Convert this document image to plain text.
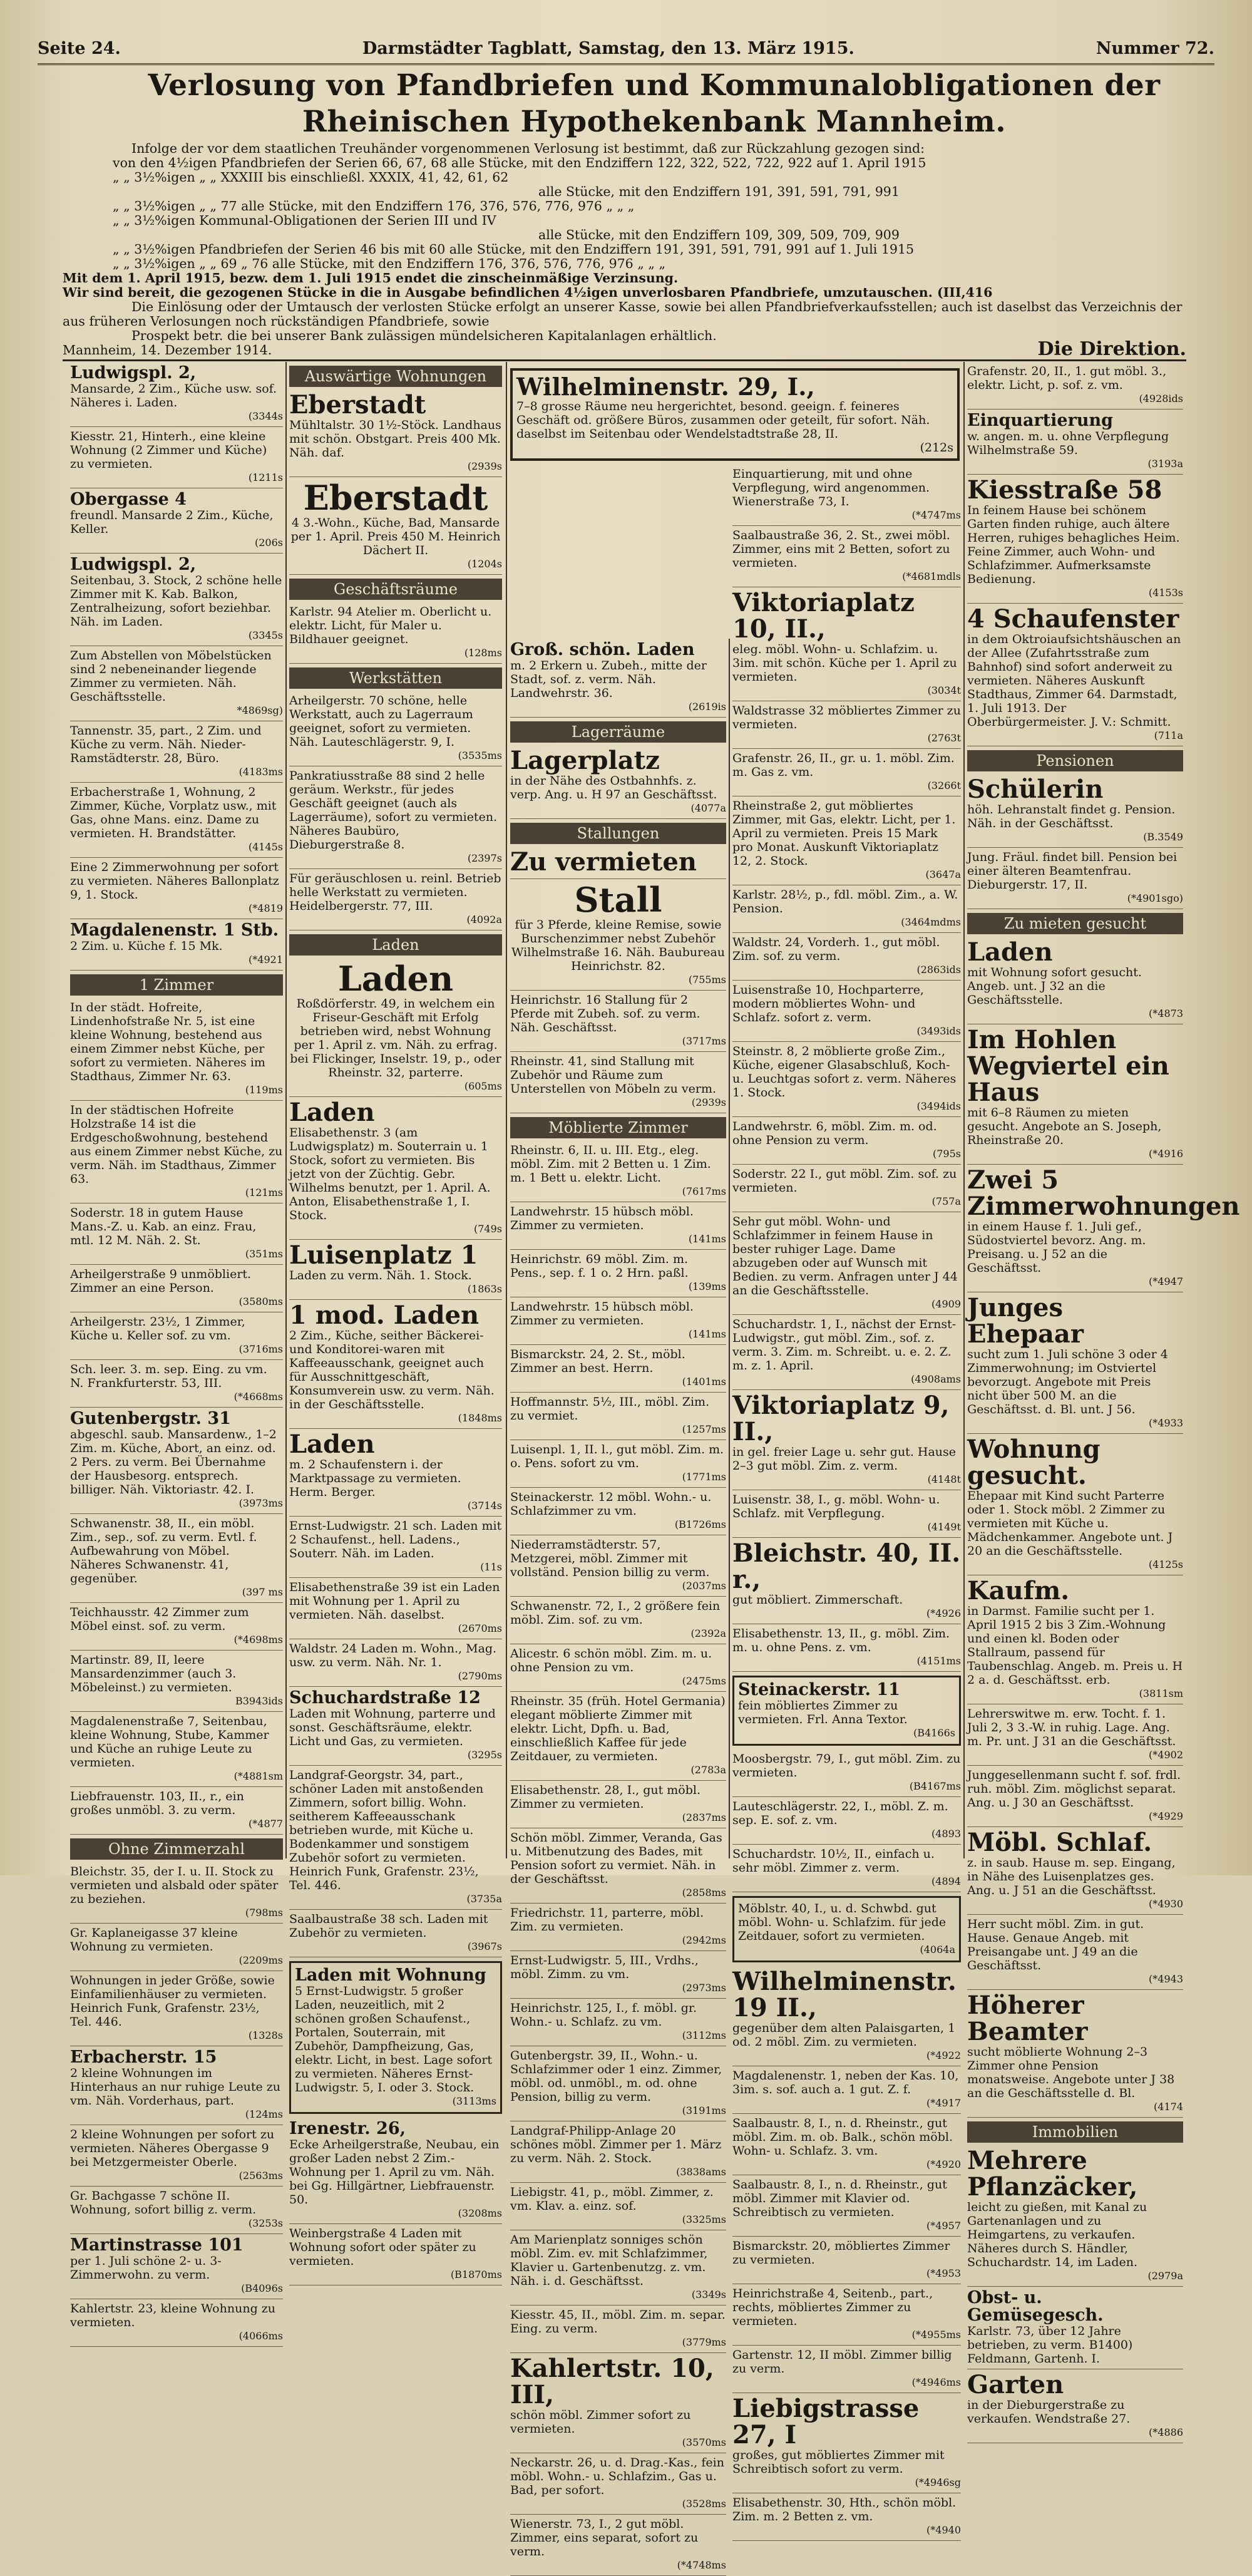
Seite 24.	Darmstädter Tagblatt, Samstag, den 13. März 1915.	Nummer 72.
Verlosung von Pfandbriefen und Kommunalobligationen der
Rheinischen Hypothekenbank Mannheim.

Infolge der vor dem staatlichen Treuhänder vorgenommenen Verlosung ist bestimmt, daß zur Rückzahlung gezogen sind:

von den 4½igen Pfandbriefen der Serien 66, 67, 68 alle Stücke, mit den Endziffern 122, 322, 522, 722, 922 auf 1. April 1915

„ „ 3½%igen „ „ XXXIII bis einschließl. XXXIX, 41, 42, 61, 62

alle Stücke, mit den Endziffern 191, 391, 591, 791, 991

„ „ 3½%igen „ „ 77 alle Stücke, mit den Endziffern 176, 376, 576, 776, 976 „ „ „

„ „ 3½%igen Kommunal-Obligationen der Serien III und IV

alle Stücke, mit den Endziffern 109, 309, 509, 709, 909

„ „ 3½%igen Pfandbriefen der Serien 46 bis mit 60 alle Stücke, mit den Endziffern 191, 391, 591, 791, 991 auf 1. Juli 1915

„ „ 3½%igen „ „ 69 „ 76 alle Stücke, mit den Endziffern 176, 376, 576, 776, 976 „ „ „

Mit dem 1. April 1915, bezw. dem 1. Juli 1915 endet die zinscheinmäßige Verzinsung.

Wir sind bereit, die gezogenen Stücke in die in Ausgabe befindlichen 4½igen unverlosbaren Pfandbriefe, umzutauschen. (III,416

Die Einlösung oder der Umtausch der verlosten Stücke erfolgt an unserer Kasse, sowie bei allen Pfandbriefverkaufsstellen; auch ist daselbst das Verzeichnis der

aus früheren Verlosungen noch rückständigen Pfandbriefe, sowie

Prospekt betr. die bei unserer Bank zulässigen mündelsicheren Kapitalanlagen erhältlich.

Mannheim, 14. Dezember 1914.	Die Direktion.
Ludwigspl. 2,
Mansarde, 2 Zim., Küche usw. sof. Näheres i. Laden.
(3344s
Kiesstr. 21, Hinterh., eine kleine Wohnung (2 Zimmer und Küche) zu vermieten.
(1211s
Obergasse 4
freundl. Mansarde 2 Zim., Küche, Keller.
(206s
Ludwigspl. 2,
Seitenbau, 3. Stock, 2 schöne helle Zimmer mit K. Kab. Balkon, Zentralheizung, sofort beziehbar. Näh. im Laden.
(3345s
Zum Abstellen von Möbelstücken sind 2 nebeneinander liegende Zimmer zu vermieten. Näh. Geschäftsstelle.
*4869sg)
Tannenstr. 35, part., 2 Zim. und Küche zu verm. Näh. Nieder-Ramstädterstr. 28, Büro.
(4183ms
Erbacherstraße 1, Wohnung, 2 Zimmer, Küche, Vorplatz usw., mit Gas, ohne Mans. einz. Dame zu vermieten. H. Brandstätter.
(4145s
Eine 2 Zimmerwohnung per sofort zu vermieten. Näheres Ballonplatz 9, 1. Stock.
(*4819
Magdalenenstr. 1 Stb.
2 Zim. u. Küche f. 15 Mk.
(*4921
1 Zimmer
In der städt. Hofreite, Lindenhofstraße Nr. 5, ist eine kleine Wohnung, bestehend aus einem Zimmer nebst Küche, per sofort zu vermieten. Näheres im Stadthaus, Zimmer Nr. 63.
(119ms
In der städtischen Hofreite Holzstraße 14 ist die Erdgeschoßwohnung, bestehend aus einem Zimmer nebst Küche, zu verm. Näh. im Stadthaus, Zimmer 63.
(121ms
Soderstr. 18 in gutem Hause Mans.-Z. u. Kab. an einz. Frau, mtl. 12 M. Näh. 2. St.
(351ms
Arheilgerstraße 9 unmöbliert. Zimmer an eine Person.
(3580ms
Arheilgerstr. 23½, 1 Zimmer, Küche u. Keller sof. zu vm.
(3716ms
Sch. leer. 3. m. sep. Eing. zu vm. N. Frankfurterstr. 53, III.
(*4668ms
Gutenbergstr. 31
abgeschl. saub. Mansardenw., 1–2 Zim. m. Küche, Abort, an einz. od. 2 Pers. zu verm. Bei Übernahme der Hausbesorg. entsprech. billiger. Näh. Viktoriastr. 42. I.
(3973ms
Schwanenstr. 38, II., ein möbl. Zim., sep., sof. zu verm. Evtl. f. Aufbewahrung von Möbel. Näheres Schwanenstr. 41, gegenüber.
(397 ms
Teichhausstr. 42 Zimmer zum Möbel einst. sof. zu verm.
(*4698ms
Martinstr. 89, II, leere Mansardenzimmer (auch 3. Möbeleinst.) zu vermieten.
B3943ids
Magdalenenstraße 7, Seitenbau, kleine Wohnung, Stube, Kammer und Küche an ruhige Leute zu vermieten.
(*4881sm
Liebfrauenstr. 103, II., r., ein großes unmöbl. 3. zu verm.
(*4877
Ohne Zimmerzahl
Bleichstr. 35, der I. u. II. Stock zu vermieten und alsbald oder später zu beziehen.
(798ms
Gr. Kaplaneigasse 37 kleine Wohnung zu vermieten.
(2209ms
Wohnungen in jeder Größe, sowie Einfamilienhäuser zu vermieten. Heinrich Funk, Grafenstr. 23½, Tel. 446.
(1328s
Erbacherstr. 15
2 kleine Wohnungen im Hinterhaus an nur ruhige Leute zu vm. Näh. Vorderhaus, part.
(124ms
2 kleine Wohnungen per sofort zu vermieten. Näheres Obergasse 9 bei Metzgermeister Oberle.
(2563ms
Gr. Bachgasse 7 schöne II. Wohnung, sofort billig z. verm.
(3253s
Martinstrasse 101
per 1. Juli schöne 2- u. 3-Zimmerwohn. zu verm.
(B4096s
Kahlertstr. 23, kleine Wohnung zu vermieten.
(4066ms
Auswärtige Wohnungen
Eberstadt
Mühltalstr. 30 1½-Stöck. Landhaus mit schön. Obstgart. Preis 400 Mk. Näh. daf.
(2939s
Eberstadt
4 3.-Wohn., Küche, Bad, Mansarde per 1. April. Preis 450 M. Heinrich Dächert II.
(1204s
Geschäftsräume
Karlstr. 94 Atelier m. Oberlicht u. elektr. Licht, für Maler u. Bildhauer geeignet.
(128ms
Werkstätten
Arheilgerstr. 70 schöne, helle Werkstatt, auch zu Lagerraum geeignet, sofort zu vermieten. Näh. Lauteschlägerstr. 9, I.
(3535ms
Pankratiusstraße 88 sind 2 helle geräum. Werkstr., für jedes Geschäft geeignet (auch als Lagerräume), sofort zu vermieten. Näheres Baubüro, Dieburgerstraße 8.
(2397s
Für geräuschlosen u. reinl. Betrieb helle Werkstatt zu vermieten. Heidelbergerstr. 77, III.
(4092a
Laden
Laden
Roßdörferstr. 49, in welchem ein Friseur-Geschäft mit Erfolg betrieben wird, nebst Wohnung per 1. April z. vm. Näh. zu erfrag. bei Flickinger, Inselstr. 19, p., oder Rheinstr. 32, parterre.
(605ms
Laden
Elisabethenstr. 3 (am Ludwigsplatz) m. Souterrain u. 1 Stock, sofort zu vermieten. Bis jetzt von der Züchtig. Gebr. Wilhelms benutzt, per 1. April. A. Anton, Elisabethenstraße 1, I. Stock.
(749s
Luisenplatz 1
Laden zu verm. Näh. 1. Stock.
(1863s
1 mod. Laden
2 Zim., Küche, seither Bäckerei- und Konditorei-waren mit Kaffeeausschank, geeignet auch für Ausschnittgeschäft, Konsumverein usw. zu verm. Näh. in der Geschäftsstelle.
(1848ms
Laden
m. 2 Schaufenstern i. der Marktpassage zu vermieten. Herm. Berger.
(3714s
Ernst-Ludwigstr. 21 sch. Laden mit 2 Schaufenst., hell. Ladens., Souterr. Näh. im Laden.
(11s
Elisabethenstraße 39 ist ein Laden mit Wohnung per 1. April zu vermieten. Näh. daselbst.
(2670ms
Waldstr. 24 Laden m. Wohn., Mag. usw. zu verm. Näh. Nr. 1.
(2790ms
Schuchardstraße 12
Laden mit Wohnung, parterre und sonst. Geschäftsräume, elektr. Licht und Gas, zu vermieten.
(3295s
Landgraf-Georgstr. 34, part., schöner Laden mit anstoßenden Zimmern, sofort billig. Wohn. seitherem Kaffeeausschank betrieben wurde, mit Küche u. Bodenkammer und sonstigem Zubehör sofort zu vermieten. Heinrich Funk, Grafenstr. 23½, Tel. 446.
(3735a
Saalbaustraße 38 sch. Laden mit Zubehör zu vermieten.
(3967s
Laden mit Wohnung
5 Ernst-Ludwigstr. 5 großer Laden, neuzeitlich, mit 2 schönen großen Schaufenst., Portalen, Souterrain, mit Zubehör, Dampfheizung, Gas, elektr. Licht, in best. Lage sofort zu vermieten. Näheres Ernst-Ludwigstr. 5, I. oder 3. Stock.
(3113ms
Irenestr. 26,
Ecke Arheilgerstraße, Neubau, ein großer Laden nebst 2 Zim.-Wohnung per 1. April zu vm. Näh. bei Gg. Hillgärtner, Liebfrauenstr. 50.
(3208ms
Weinbergstraße 4 Laden mit Wohnung sofort oder später zu vermieten.
(B1870ms
Wilhelminenstr. 29, I.,
7–8 grosse Räume neu hergerichtet, besond. geeign. f. feineres Geschäft od. größere Büros, zusammen oder geteilt, für sofort. Näh. daselbst im Seitenbau oder Wendelstadtstraße 28, II.
(212s
Groß. schön. Laden
m. 2 Erkern u. Zubeh., mitte der Stadt, sof. z. verm. Näh. Landwehrstr. 36.
(2619is
Lagerräume
Lagerplatz
in der Nähe des Ostbahnhfs. z. verp. Ang. u. H 97 an Geschäftsst.
(4077a
Stallungen
Zu vermieten
Stall
für 3 Pferde, kleine Remise, sowie Burschenzimmer nebst Zubehör Wilhelmstraße 16. Näh. Baubureau Heinrichstr. 82.
(755ms
Heinrichstr. 16 Stallung für 2 Pferde mit Zubeh. sof. zu verm. Näh. Geschäftsst.
(3717ms
Rheinstr. 41, sind Stallung mit Zubehör und Räume zum Unterstellen von Möbeln zu verm.
(2939s
Möblierte Zimmer
Rheinstr. 6, II. u. III. Etg., eleg. möbl. Zim. mit 2 Betten u. 1 Zim. m. 1 Bett u. elektr. Licht.
(7617ms
Landwehrstr. 15 hübsch möbl. Zimmer zu vermieten.
(141ms
Heinrichstr. 69 möbl. Zim. m. Pens., sep. f. 1 o. 2 Hrn. paßl.
(139ms
Landwehrstr. 15 hübsch möbl. Zimmer zu vermieten.
(141ms
Bismarckstr. 24, 2. St., möbl. Zimmer an best. Herrn.
(1401ms
Hoffmannstr. 5½, III., möbl. Zim. zu vermiet.
(1257ms
Luisenpl. 1, II. l., gut möbl. Zim. m. o. Pens. sofort zu vm.
(1771ms
Steinackerstr. 12 möbl. Wohn.- u. Schlafzimmer zu vm.
(B1726ms
Niederramstädterstr. 57, Metzgerei, möbl. Zimmer mit vollständ. Pension billig zu verm.
(2037ms
Schwanenstr. 72, I., 2 größere fein möbl. Zim. sof. zu vm.
(2392a
Alicestr. 6 schön möbl. Zim. m. u. ohne Pension zu vm.
(2475ms
Rheinstr. 35 (früh. Hotel Germania) elegant möblierte Zimmer mit elektr. Licht, Dpfh. u. Bad, einschließlich Kaffee für jede Zeitdauer, zu vermieten.
(2783a
Elisabethenstr. 28, I., gut möbl. Zimmer zu vermieten.
(2837ms
Schön möbl. Zimmer, Veranda, Gas u. Mitbenutzung des Bades, mit Pension sofort zu vermiet. Näh. in der Geschäftsst.
(2858ms
Friedrichstr. 11, parterre, möbl. Zim. zu vermieten.
(2942ms
Ernst-Ludwigstr. 5, III., Vrdhs., möbl. Zimm. zu vm.
(2973ms
Heinrichstr. 125, I., f. möbl. gr. Wohn.- u. Schlafz. zu vm.
(3112ms
Gutenbergstr. 39, II., Wohn.- u. Schlafzimmer oder 1 einz. Zimmer, möbl. od. unmöbl., m. od. ohne Pension, billig zu verm.
(3191ms
Landgraf-Philipp-Anlage 20 schönes möbl. Zimmer per 1. März zu verm. Näh. 2. Stock.
(3838ams
Liebigstr. 41, p., möbl. Zimmer, z. vm. Klav. a. einz. sof.
(3325ms
Am Marienplatz sonniges schön möbl. Zim. ev. mit Schlafzimmer, Klavier u. Gartenbenutzg. z. vm. Näh. i. d. Geschäftsst.
(3349s
Kiesstr. 45, II., möbl. Zim. m. separ. Eing. zu verm.
(3779ms
Kahlertstr. 10, III,
schön möbl. Zimmer sofort zu vermieten.
(3570ms
Neckarstr. 26, u. d. Drag.-Kas., fein möbl. Wohn.- u. Schlafzim., Gas u. Bad, per sofort.
(3528ms
Wienerstr. 73, I., 2 gut möbl. Zimmer, eins separat, sofort zu verm.
(*4748ms
Einquartierung, mit und ohne Verpflegung, wird angenommen. Wienerstraße 73, I.
(*4747ms
Saalbaustraße 36, 2. St., zwei möbl. Zimmer, eins mit 2 Betten, sofort zu vermieten.
(*4681mdls
Viktoriaplatz 10, II.,
eleg. möbl. Wohn- u. Schlafzim. u. 3im. mit schön. Küche per 1. April zu vermieten.
(3034t
Waldstrasse 32 möbliertes Zimmer zu vermieten.
(2763t
Grafenstr. 26, II., gr. u. 1. möbl. Zim. m. Gas z. vm.
(3266t
Rheinstraße 2, gut möbliertes Zimmer, mit Gas, elektr. Licht, per 1. April zu vermieten. Preis 15 Mark pro Monat. Auskunft Viktoriaplatz 12, 2. Stock.
(3647a
Karlstr. 28½, p., fdl. möbl. Zim., a. W. Pension.
(3464mdms
Waldstr. 24, Vorderh. 1., gut möbl. Zim. sof. zu verm.
(2863ids
Luisenstraße 10, Hochparterre, modern möbliertes Wohn- und Schlafz. sofort z. verm.
(3493ids
Steinstr. 8, 2 möblierte große Zim., Küche, eigener Glasabschluß, Koch- u. Leuchtgas sofort z. verm. Näheres 1. Stock.
(3494ids
Landwehrstr. 6, möbl. Zim. m. od. ohne Pension zu verm.
(795s
Soderstr. 22 I., gut möbl. Zim. sof. zu vermieten.
(757a
Sehr gut möbl. Wohn- und Schlafzimmer in feinem Hause in bester ruhiger Lage. Dame abzugeben oder auf Wunsch mit Bedien. zu verm. Anfragen unter J 44 an die Geschäftsstelle.
(4909
Schuchardstr. 1, I., nächst der Ernst-Ludwigstr., gut möbl. Zim., sof. z. verm. 3. Zim. m. Schreibt. u. e. 2. Z. m. z. 1. April.
(4908ams
Viktoriaplatz 9, II.,
in gel. freier Lage u. sehr gut. Hause 2–3 gut möbl. Zim. z. verm.
(4148t
Luisenstr. 38, I., g. möbl. Wohn- u. Schlafz. mit Verpflegung.
(4149t
Bleichstr. 40, II. r.,
gut möbliert. Zimmerschaft.
(*4926
Elisabethenstr. 13, II., g. möbl. Zim. m. u. ohne Pens. z. vm.
(4151ms
Steinackerstr. 11
fein möbliertes Zimmer zu vermieten. Frl. Anna Textor.
(B4166s
Moosbergstr. 79, I., gut möbl. Zim. zu vermieten.
(B4167ms
Lauteschlägerstr. 22, I., möbl. Z. m. sep. E. sof. z. vm.
(4893
Schuchardstr. 10½, II., einfach u. sehr möbl. Zimmer z. verm.
(4894
Möblstr. 40, I., u. d. Schwbd. gut möbl. Wohn- u. Schlafzim. für jede Zeitdauer, sofort zu vermieten.
(4064a
Wilhelminenstr. 19 II.,
gegenüber dem alten Palaisgarten, 1 od. 2 möbl. Zim. zu vermieten.
(*4922
Magdalenenstr. 1, neben der Kas. 10, 3im. s. sof. auch a. 1 gut. Z. f.
(*4917
Saalbaustr. 8, I., n. d. Rheinstr., gut möbl. Zim. m. ob. Balk., schön möbl. Wohn- u. Schlafz. 3. vm.
(*4920
Saalbaustr. 8, I., n. d. Rheinstr., gut möbl. Zimmer mit Klavier od. Schreibtisch zu vermieten.
(*4957
Bismarckstr. 20, möbliertes Zimmer zu vermieten.
(*4953
Heinrichstraße 4, Seitenb., part., rechts, möbliertes Zimmer zu vermieten.
(*4955ms
Gartenstr. 12, II möbl. Zimmer billig zu verm.
(*4946ms
Liebigstrasse 27, I
großes, gut möbliertes Zimmer mit Schreibtisch sofort zu verm.
(*4946sg
Elisabethenstr. 30, Hth., schön möbl. Zim. m. 2 Betten z. vm.
(*4940
Grafenstr. 20, II., 1. gut möbl. 3., elektr. Licht, p. sof. z. vm.
(4928ids
Einquartierung
w. angen. m. u. ohne Verpflegung Wilhelmstraße 59.
(3193a
Kiesstraße 58
In feinem Hause bei schönem Garten finden ruhige, auch ältere Herren, ruhiges behagliches Heim. Feine Zimmer, auch Wohn- und Schlafzimmer. Aufmerksamste Bedienung.
(4153s
4 Schaufenster
in dem Oktroiaufsichtshäuschen an der Allee (Zufahrtsstraße zum Bahnhof) sind sofort anderweit zu vermieten. Näheres Auskunft Stadthaus, Zimmer 64. Darmstadt, 1. Juli 1913. Der Oberbürgermeister. J. V.: Schmitt.
(711a
Pensionen
Schülerin
höh. Lehranstalt findet g. Pension. Näh. in der Geschäftsst.
(B.3549
Jung. Fräul. findet bill. Pension bei einer älteren Beamtenfrau. Dieburgerstr. 17, II.
(*4901sgo)
Zu mieten gesucht
Laden
mit Wohnung sofort gesucht. Angeb. unt. J 32 an die Geschäftsstelle.
(*4873
Im Hohlen Wegviertel ein Haus
mit 6–8 Räumen zu mieten gesucht. Angebote an S. Joseph, Rheinstraße 20.
(*4916
Zwei 5 Zimmerwohnungen
in einem Hause f. 1. Juli gef., Südostviertel bevorz. Ang. m. Preisang. u. J 52 an die Geschäftsst.
(*4947
Junges Ehepaar
sucht zum 1. Juli schöne 3 oder 4 Zimmerwohnung; im Ostviertel bevorzugt. Angebote mit Preis nicht über 500 M. an die Geschäftsst. d. Bl. unt. J 56.
(*4933
Wohnung gesucht.
Ehepaar mit Kind sucht Parterre oder 1. Stock möbl. 2 Zimmer zu vermieten mit Küche u. Mädchenkammer. Angebote unt. J 20 an die Geschäftsstelle.
(4125s
Kaufm.
in Darmst. Familie sucht per 1. April 1915 2 bis 3 Zim.-Wohnung und einen kl. Boden oder Stallraum, passend für Taubenschlag. Angeb. m. Preis u. H 2 a. d. Geschäftsst. erb.
(3811sm
Lehrerswitwe m. erw. Tocht. f. 1. Juli 2, 3 3.-W. in ruhig. Lage. Ang. m. Pr. unt. J 31 an die Geschäftsst.
(*4902
Junggesellenmann sucht f. sof. frdl. ruh. möbl. Zim. möglichst separat. Ang. u. J 30 an Geschäftsst.
(*4929
Möbl. Schlaf.
z. in saub. Hause m. sep. Eingang, in Nähe des Luisenplatzes ges. Ang. u. J 51 an die Geschäftsst.
(*4930
Herr sucht möbl. Zim. in gut. Hause. Genaue Angeb. mit Preisangabe unt. J 49 an die Geschäftsst.
(*4943
Höherer Beamter
sucht möblierte Wohnung 2–3 Zimmer ohne Pension monatsweise. Angebote unter J 38 an die Geschäftsstelle d. Bl.
(4174
Immobilien
Mehrere Pflanzäcker,
leicht zu gießen, mit Kanal zu Gartenanlagen und zu Heimgartens, zu verkaufen. Näheres durch S. Händler, Schuchardstr. 14, im Laden.
(2979a
Obst- u. Gemüsegesch.
Karlstr. 73, über 12 Jahre betrieben, zu verm. B1400) Feldmann, Gartenh. I.
Garten
in der Dieburgerstraße zu verkaufen. Wendstraße 27.
(*4886
